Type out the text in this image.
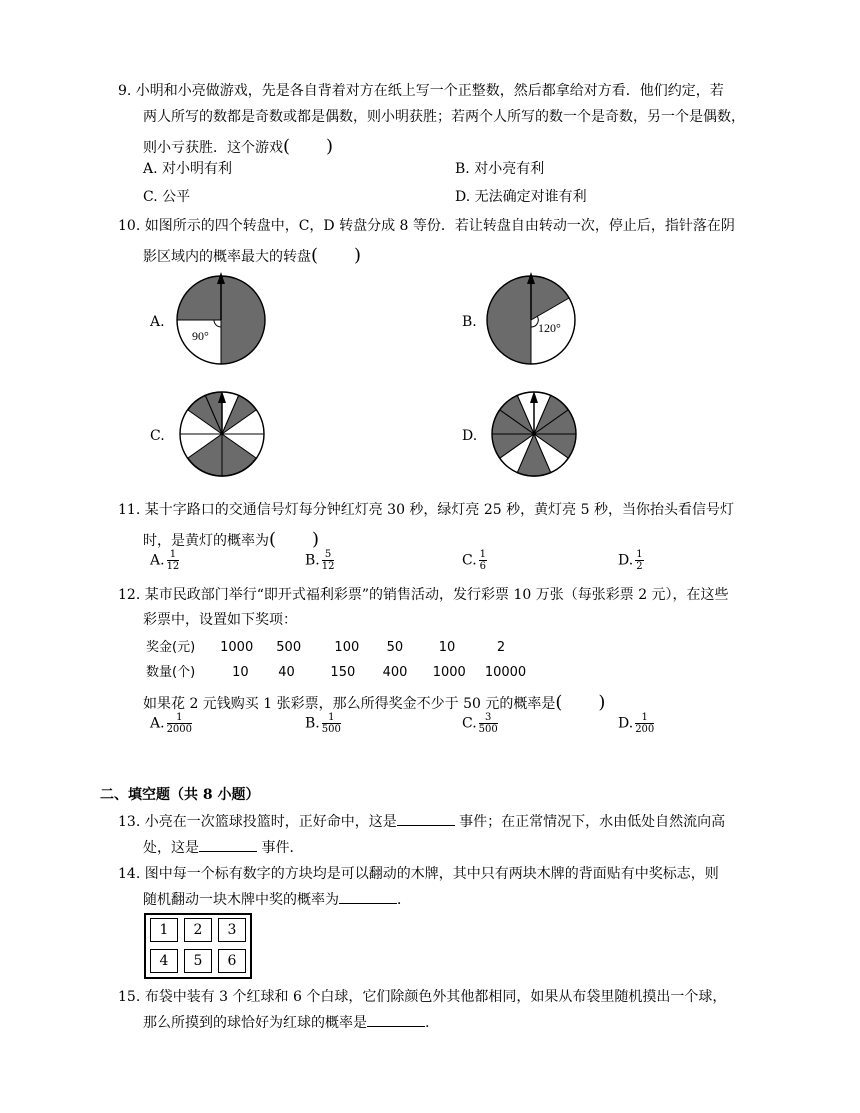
9. 小明和小亮做游戏，先是各自背着对方在纸上写一个正整数，然后都拿给对方看．他们约定，若
两人所写的数都是奇数或都是偶数，则小明获胜；若两个人所写的数一个是奇数，另一个是偶数，
则小亏获胜．这个游戏(　　)
A. 对小明有利	B. 对小亮有利
C. 公平	D. 无法确定对谁有利
10. 如图所示的四个转盘中，C，D 转盘分成 8 等份．若让转盘自由转动一次，停止后，指针落在阴
影区域内的概率最大的转盘(　　)
A.
90°
B.	120°
C.	D.
11. 某十字路口的交通信号灯每分钟红灯亮 30 秒，绿灯亮 25 秒，黄灯亮 5 秒，当你抬头看信号灯
时，是黄灯的概率为(　　)
A. $\frac{1}{12}$	B. $\frac{5}{12}$	C. $\frac{1}{6}$	D. $\frac{1}{2}$
12. 某市民政部门举行“即开式福利彩票”的销售活动，发行彩票 10 万张（每张彩票 2 元），在这些
彩票中，设置如下奖项：
奖金(元) 1000 500	100 50	10	2
数量(个)	10 40	150 400 1000 10000
如果花 2 元钱购买 1 张彩票，那么所得奖金不少于 50 元的概率是(　　)
A. $\frac{1}{2000}$	B. $\frac{1}{500}$	C. $\frac{3}{500}$	D. $\frac{1}{200}$
二、填空题（共 8 小题）
13. 小亮在一次篮球投篮时，正好命中，这是	事件；在正常情况下，水由低处自然流向高
处，这是	事件．
14. 图中每一个标有数字的方块均是可以翻动的木牌，其中只有两块木牌的背面贴有中奖标志，则
随机翻动一块木牌中奖的概率为	．
1	2	3
4	5	6
15. 布袋中装有 3 个红球和 6 个白球，它们除颜色外其他都相同，如果从布袋里随机摸出一个球，
那么所摸到的球恰好为红球的概率是	.
